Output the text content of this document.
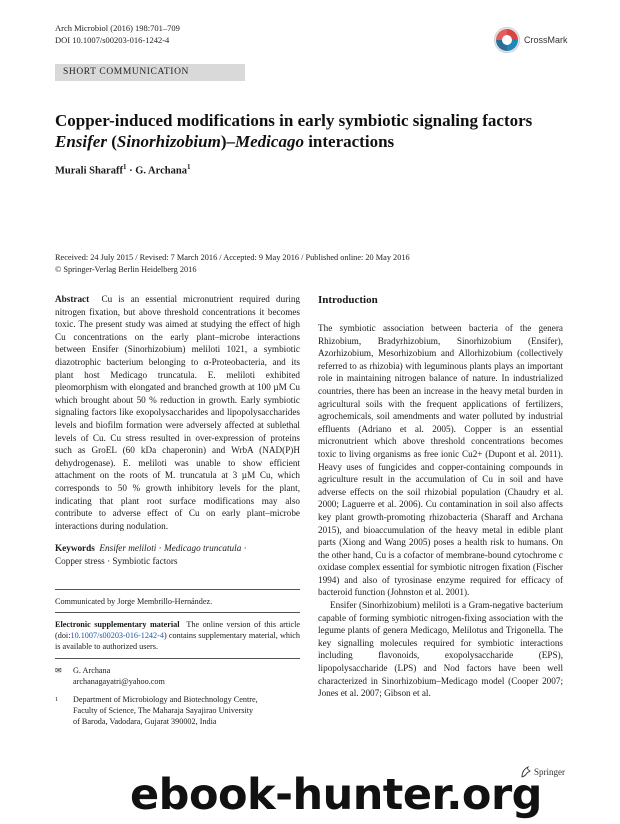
Arch Microbiol (2016) 198:701–709
DOI 10.1007/s00203-016-1242-4	CrossMark
SHORT COMMUNICATION
Copper-induced modifications in early symbiotic signaling factors
Ensifer (Sinorhizobium)–Medicago interactions
Murali Sharaff$^1$ · G. Archana$^1$
Received: 24 July 2015 / Revised: 7 March 2016 / Accepted: 9 May 2016 / Published online: 20 May 2016
© Springer-Verlag Berlin Heidelberg 2016

Abstract Cu is an essential micronutrient required during nitrogen fixation, but above threshold concentrations it becomes toxic. The present study was aimed at studying the effect of high Cu concentrations on the early plant–microbe interactions between Ensifer (Sinorhizobium) meliloti 1021, a symbiotic diazotrophic bacterium belonging to α-Proteobacteria, and its plant host Medicago truncatula. E. meliloti exhibited pleomorphism with elongated and branched growth at 100 µM Cu which brought about 50 % reduction in growth. Early symbiotic signaling factors like exopolysaccharides and lipopolysaccharides levels and biofilm formation were adversely affected at sublethal levels of Cu. Cu stress resulted in over-expression of proteins such as GroEL (60 kDa chaperonin) and WrbA (NAD(P)H dehydrogenase). E. meliloti was unable to show efficient attachment on the roots of M. truncatula at 3 µM Cu, which corresponds to 50 % growth inhibitory levels for the plant, indicating that plant root surface modifications may also contribute to adverse effect of Cu on early plant–microbe interactions during nodulation.

Keywords Ensifer meliloti · Medicago truncatula ·
Copper stress · Symbiotic factors

Communicated by Jorge Membrillo-Hernández.

Electronic supplementary material The online version of this article (doi:10.1007/s00203-016-1242-4) contains supplementary material, which is available to authorized users.

✉	G. Archana
archanagayatri@yahoo.com
1	Department of Microbiology and Biotechnology Centre,
Faculty of Science, The Maharaja Sayajirao University
of Baroda, Vadodara, Gujarat 390002, India
Introduction

The symbiotic association between bacteria of the genera Rhizobium, Bradyrhizobium, Sinorhizobium (Ensifer), Azorhizobium, Mesorhizobium and Allorhizobium (collectively referred to as rhizobia) with leguminous plants plays an important role in maintaining nitrogen balance of nature. In industrialized countries, there has been an increase in the heavy metal burden in agricultural soils with the frequent applications of fertilizers, agrochemicals, soil amendments and water polluted by industrial effluents (Adriano et al. 2005). Copper is an essential micronutrient which above threshold concentrations becomes toxic to living organisms as free ionic Cu2+ (Dupont et al. 2011). Heavy uses of fungicides and copper-containing compounds in agriculture result in the accumulation of Cu in soil and have adverse effects on the soil rhizobial population (Chaudry et al. 2000; Laguerre et al. 2006). Cu contamination in soil also affects key plant growth-promoting rhizobacteria (Sharaff and Archana 2015), and bioaccumulation of the heavy metal in edible plant parts (Xiong and Wang 2005) poses a health risk to humans. On the other hand, Cu is a cofactor of membrane-bound cytochrome c oxidase complex essential for symbiotic nitrogen fixation (Fischer 1994) and also of tyrosinase enzyme required for efficacy of bacteroid function (Johnston et al. 2001).

Ensifer (Sinorhizobium) meliloti is a Gram-negative bacterium capable of forming symbiotic nitrogen-fixing association with the legume plants of genera Medicago, Melilotus and Trigonella. The key signalling molecules required for symbiotic interactions including flavonoids, exopolysaccharide (EPS), lipopolysaccharide (LPS) and Nod factors have been well characterized in Sinorhizobium–Medicago model (Cooper 2007; Jones et al. 2007; Gibson et al.

Springer
ebook-hunter.org
